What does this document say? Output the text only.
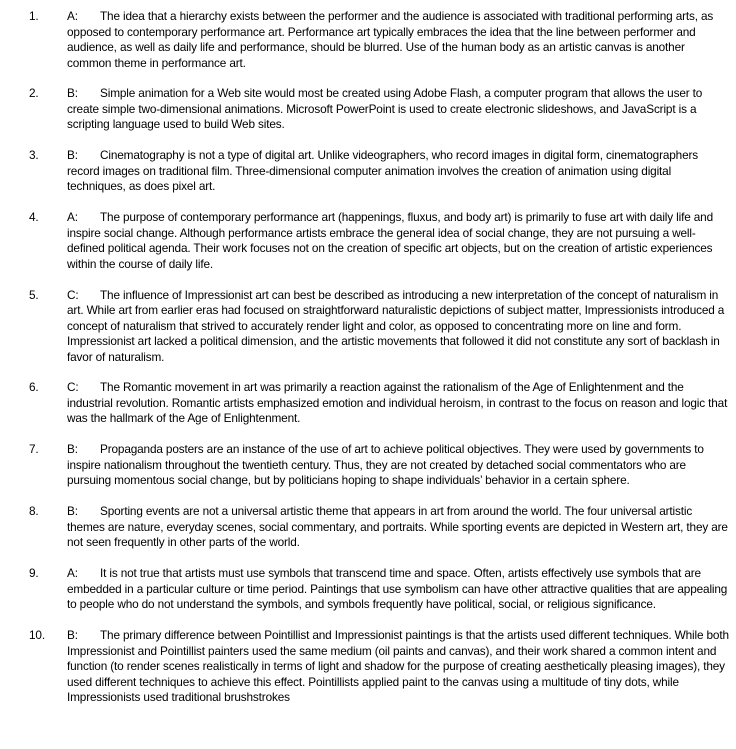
1.	A: The idea that a hierarchy exists between the performer and the audience is associated with traditional performing arts, as opposed to contemporary performance art. Performance art typically embraces the idea that the line between performer and audience, as well as daily life and performance, should be blurred. Use of the human body as an artistic canvas is another common theme in performance art.
2.	B: Simple animation for a Web site would most be created using Adobe Flash, a computer program that allows the user to create simple two-dimensional animations. Microsoft PowerPoint is used to create electronic slideshows, and JavaScript is a scripting language used to build Web sites.
3.	B: Cinematography is not a type of digital art. Unlike videographers, who record images in digital form, cinematographers record images on traditional film. Three-dimensional computer animation involves the creation of animation using digital techniques, as does pixel art.
4.	A: The purpose of contemporary performance art (happenings, fluxus, and body art) is primarily to fuse art with daily life and inspire social change. Although performance artists embrace the general idea of social change, they are not pursuing a well-defined political agenda. Their work focuses not on the creation of specific art objects, but on the creation of artistic experiences within the course of daily life.
5.	C: The influence of Impressionist art can best be described as introducing a new interpretation of the concept of naturalism in art. While art from earlier eras had focused on straightforward naturalistic depictions of subject matter, Impressionists introduced a concept of naturalism that strived to accurately render light and color, as opposed to concentrating more on line and form. Impressionist art lacked a political dimension, and the artistic movements that followed it did not constitute any sort of backlash in favor of naturalism.
6.	C: The Romantic movement in art was primarily a reaction against the rationalism of the Age of Enlightenment and the industrial revolution. Romantic artists emphasized emotion and individual heroism, in contrast to the focus on reason and logic that was the hallmark of the Age of Enlightenment.
7.	B: Propaganda posters are an instance of the use of art to achieve political objectives. They were used by governments to inspire nationalism throughout the twentieth century. Thus, they are not created by detached social commentators who are pursuing momentous social change, but by politicians hoping to shape individuals’ behavior in a certain sphere.
8.	B: Sporting events are not a universal artistic theme that appears in art from around the world. The four universal artistic themes are nature, everyday scenes, social commentary, and portraits. While sporting events are depicted in Western art, they are not seen frequently in other parts of the world.
9.	A: It is not true that artists must use symbols that transcend time and space. Often, artists effectively use symbols that are embedded in a particular culture or time period. Paintings that use symbolism can have other attractive qualities that are appealing to people who do not understand the symbols, and symbols frequently have political, social, or religious significance.
10.	B: The primary difference between Pointillist and Impressionist paintings is that the artists used different techniques. While both Impressionist and Pointillist painters used the same medium (oil paints and canvas), and their work shared a common intent and function (to render scenes realistically in terms of light and shadow for the purpose of creating aesthetically pleasing images), they used different techniques to achieve this effect. Pointillists applied paint to the canvas using a multitude of tiny dots, while Impressionists used traditional brushstrokes
